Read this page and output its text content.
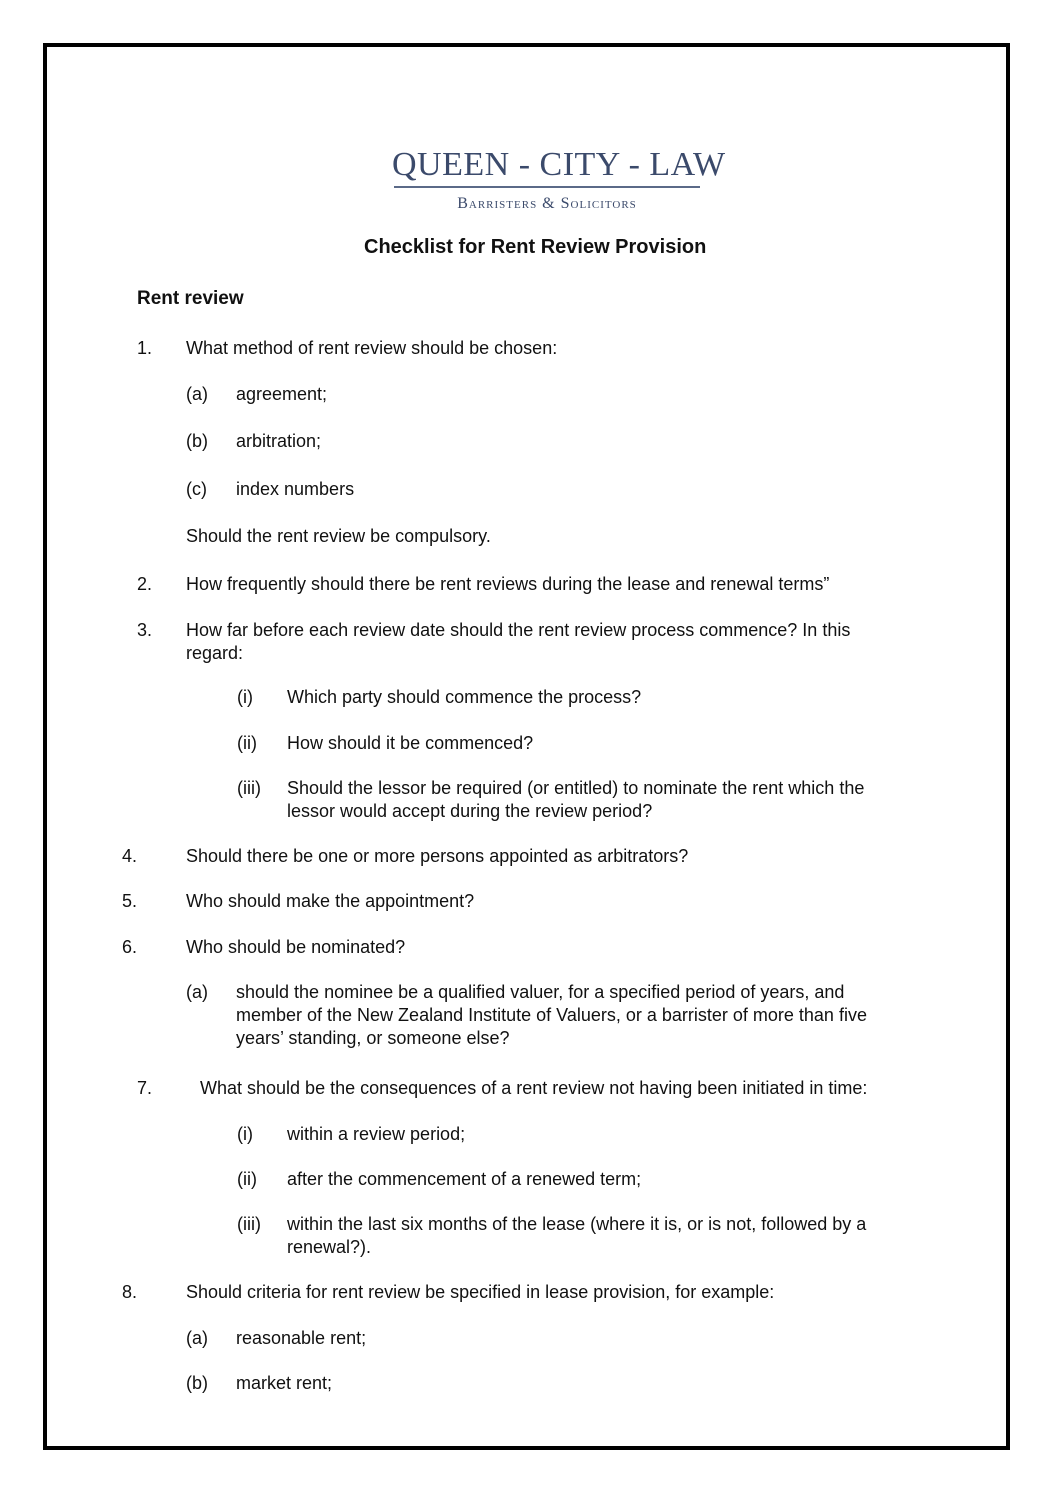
QUEEN - CITY - LAW
Barristers & Solicitors
Checklist for Rent Review Provision
Rent review
1. What method of rent review should be chosen:
(a) agreement;
(b) arbitration;
(c) index numbers
Should the rent review be compulsory.
2. How frequently should there be rent reviews during the lease and renewal terms”
3. How far before each review date should the rent review process commence? In this
regard:
(i) Which party should commence the process?
(ii) How should it be commenced?
(iii) Should the lessor be required (or entitled) to nominate the rent which the
lessor would accept during the review period?
4.	Should there be one or more persons appointed as arbitrators?
5.	Who should make the appointment?
6.	Who should be nominated?
(a) should the nominee be a qualified valuer, for a specified period of years, and
member of the New Zealand Institute of Valuers, or a barrister of more than five
years’ standing, or someone else?
7.	What should be the consequences of a rent review not having been initiated in time:
(i) within a review period;
(ii) after the commencement of a renewed term;
(iii) within the last six months of the lease (where it is, or is not, followed by a
renewal?).
8.	Should criteria for rent review be specified in lease provision, for example:
(a) reasonable rent;
(b) market rent;
